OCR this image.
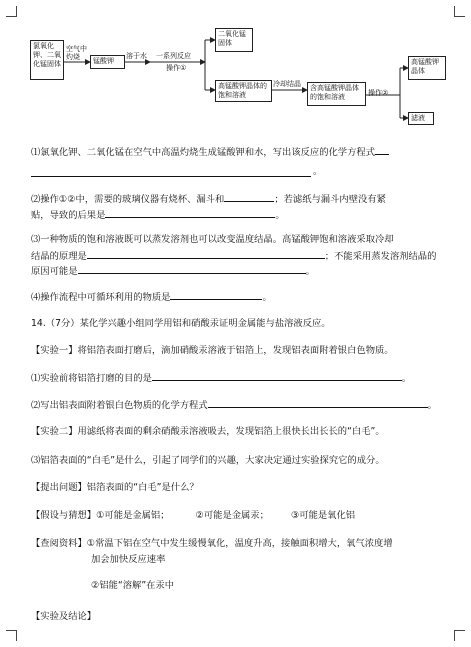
氯氧化钾、二氧化锰固体
空气中
灼烧	锰酸钾
溶于水 一系列反应
操作①
二氧化锰固体
高锰酸钾晶体的饱和溶液
冷却结晶	含高锰酸钾晶体的饱和溶液	操作②
高锰酸钾晶体
滤液
⑴氯氧化钾、二氧化锰在空气中高温灼烧生成锰酸钾和水，写出该反应的化学方程式
。
⑵操作①②中，需要的玻璃仪器有烧杯、漏斗和	；若滤纸与漏斗内壁没有紧
贴，导致的后果是	。
⑶一种物质的饱和溶液既可以蒸发溶剂也可以改变温度结晶。高锰酸钾饱和溶液采取冷却
结晶的原理是	；不能采用蒸发溶剂结晶的
原因可能是	。
⑷操作流程中可循环利用的物质是	。
14.（7分）某化学兴趣小组同学用铝和硝酸汞证明金属能与盐溶液反应。
【实验一】将铝箔表面打磨后，滴加硝酸汞溶液于铝箔上，发现铝表面附着银白色物质。
⑴实验前将铝箔打磨的目的是	。
⑵写出铝表面附着银白色物质的化学方程式	。
【实验二】用滤纸将表面的剩余硝酸汞溶液吸去，发现铝箔上很快长出长长的“白毛”。
⑶铝箔表面的“白毛”是什么，引起了同学们的兴趣，大家决定通过实验探究它的成分。
【提出问题】铝箔表面的“白毛”是什么？
【假设与猜想】①可能是金属铝；	②可能是金属汞； ③可能是氧化铝
【查阅资料】①常温下铝在空气中发生缓慢氧化，温度升高，接触面积增大，氧气浓度增
加会加快反应速率
②铝能“溶解”在汞中
【实验及结论】
